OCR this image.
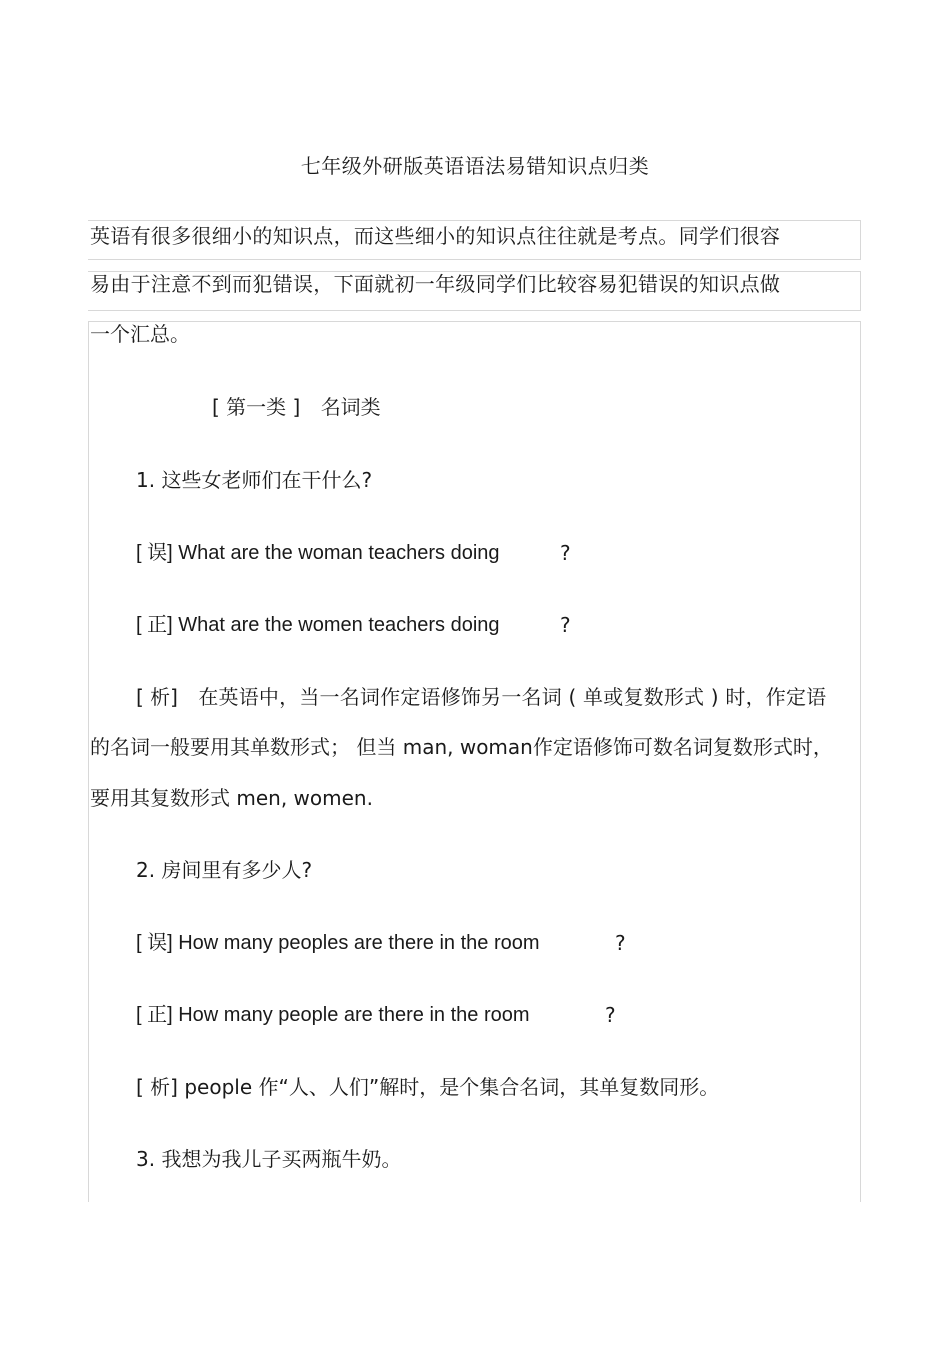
七年级外研版英语语法易错知识点归类
英语有很多很细小的知识点，而这些细小的知识点往往就是考点。同学们很容
易由于注意不到而犯错误，下面就初一年级同学们比较容易犯错误的知识点做
一个汇总。
[ 第一类 ] 名词类
1. 这些女老师们在干什么?
[ 误] What are the woman teachers doing	?
[ 正] What are the women teachers doing	?
[ 析] 在英语中，当一名词作定语修饰另一名词 ( 单或复数形式 ) 时，作定语
的名词一般要用其单数形式； 但当 man, woman作定语修饰可数名词复数形式时，
要用其复数形式 men, women.
2. 房间里有多少人?
[ 误] How many peoples are there in the room	?
[ 正] How many people are there in the room	?
[ 析] people 作“人、人们”解时，是个集合名词，其单复数同形。
3. 我想为我儿子买两瓶牛奶。
